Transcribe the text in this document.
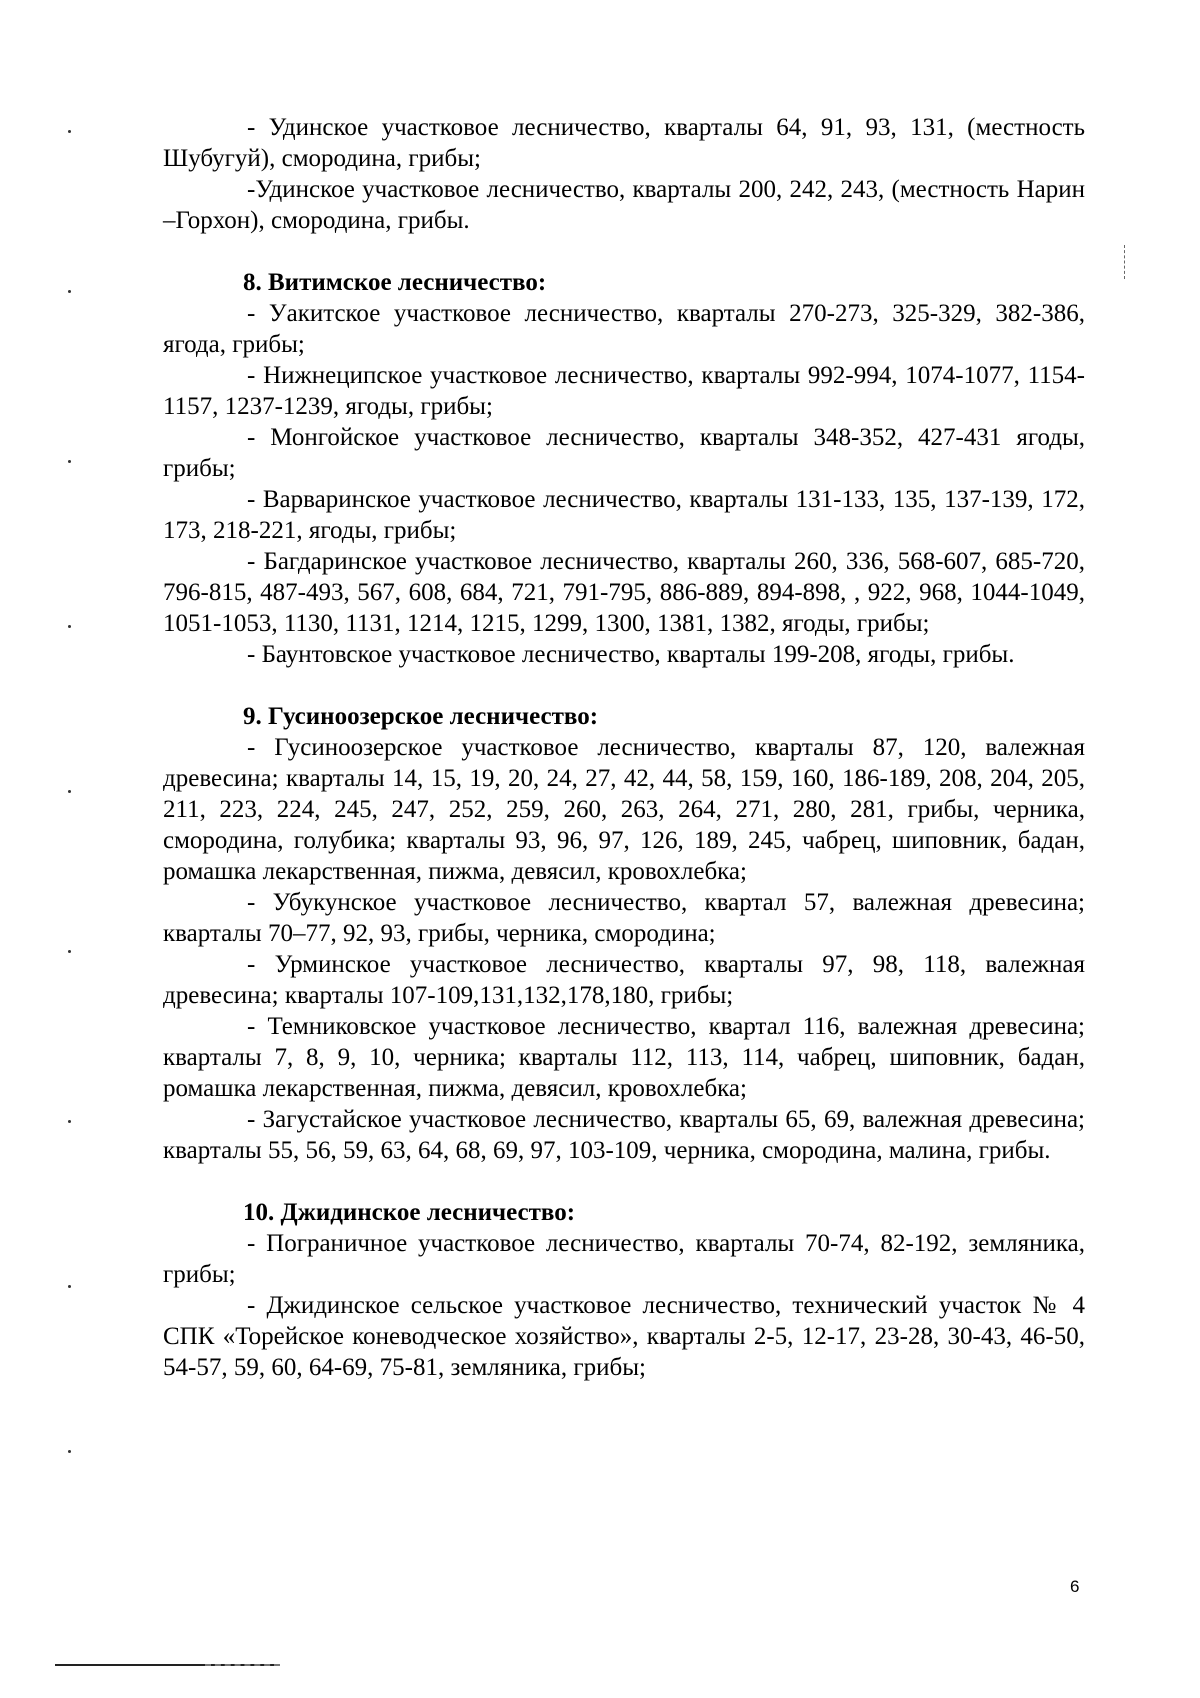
- Удинское участковое лесничество, кварталы 64, 91, 93, 131, (местность Шубугуй), смородина, грибы;

-Удинское участковое лесничество, кварталы 200, 242, 243, (местность Нарин –Горхон), смородина, грибы.

8. Витимское лесничество:

- Уакитское участковое лесничество, кварталы 270-273, 325-329, 382-386, ягода, грибы;

- Нижнеципское участковое лесничество, кварталы 992-994, 1074-1077, 1154-1157, 1237-1239, ягоды, грибы;

- Монгойское участковое лесничество, кварталы 348-352, 427-431 ягоды, грибы;

- Варваринское участковое лесничество, кварталы 131-133, 135, 137-139, 172, 173, 218-221, ягоды, грибы;

- Багдаринское участковое лесничество, кварталы 260, 336, 568-607, 685-720, 796-815, 487-493, 567, 608, 684, 721, 791-795, 886-889, 894-898, , 922, 968, 1044-1049, 1051-1053, 1130, 1131, 1214, 1215, 1299, 1300, 1381, 1382, ягоды, грибы;

- Баунтовское участковое лесничество, кварталы 199-208, ягоды, грибы.

9. Гусиноозерское лесничество:

- Гусиноозерское участковое лесничество, кварталы 87, 120, валежная древесина; кварталы 14, 15, 19, 20, 24, 27, 42, 44, 58, 159, 160, 186-189, 208, 204, 205, 211, 223, 224, 245, 247, 252, 259, 260, 263, 264, 271, 280, 281, грибы, черника, смородина, голубика; кварталы 93, 96, 97, 126, 189, 245, чабрец, шиповник, бадан, ромашка лекарственная, пижма, девясил, кровохлебка;

- Убукунское участковое лесничество, квартал 57, валежная древесина; кварталы 70–77, 92, 93, грибы, черника, смородина;

- Урминское участковое лесничество, кварталы 97, 98, 118, валежная древесина; кварталы 107-109,131,132,178,180, грибы;

- Темниковское участковое лесничество, квартал 116, валежная древесина; кварталы 7, 8, 9, 10, черника; кварталы 112, 113, 114, чабрец, шиповник, бадан, ромашка лекарственная, пижма, девясил, кровохлебка;

- Загустайское участковое лесничество, кварталы 65, 69, валежная древесина; кварталы 55, 56, 59, 63, 64, 68, 69, 97, 103-109, черника, смородина, малина, грибы.

10. Джидинское лесничество:

- Пограничное участковое лесничество, кварталы 70-74, 82-192, земляника, грибы;

- Джидинское сельское участковое лесничество, технический участок № 4 СПК «Торейское коневодческое хозяйство», кварталы 2-5, 12-17, 23-28, 30-43, 46-50, 54-57, 59, 60, 64-69, 75-81, земляника, грибы;

6
